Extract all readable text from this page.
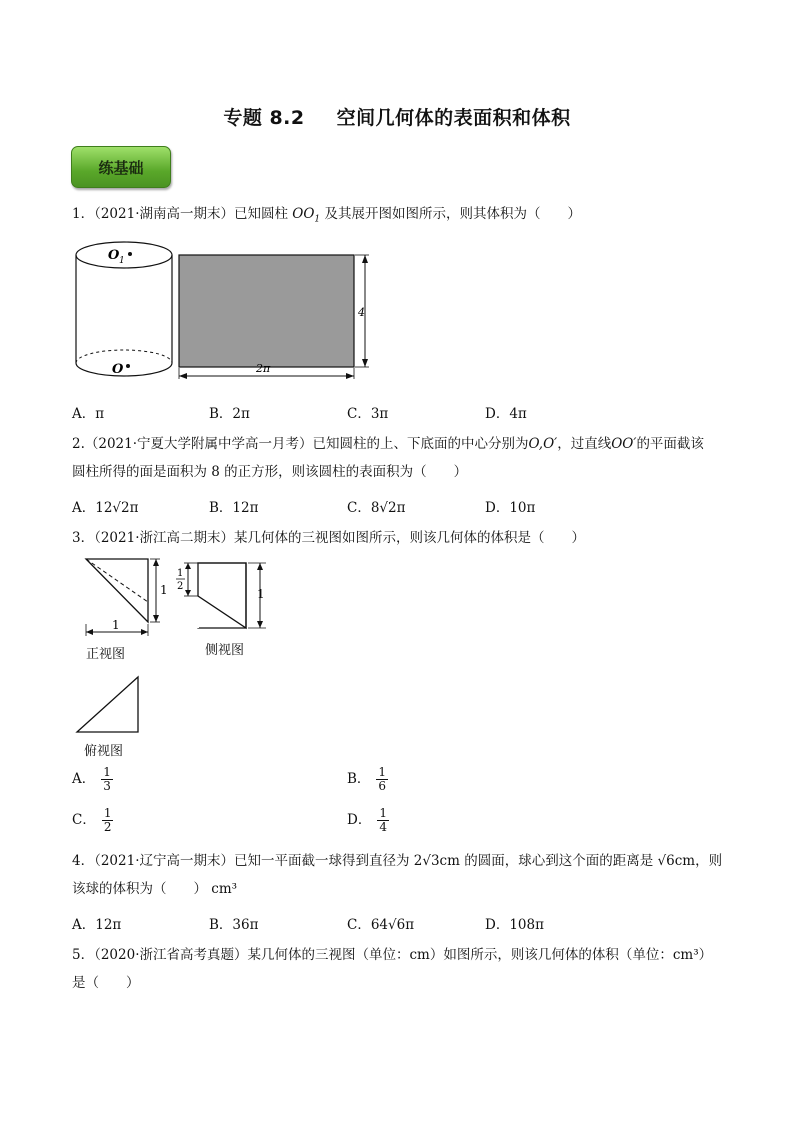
专题 8.2 空间几何体的表面积和体积
练基础
1．（2021·湖南高一期末）已知圆柱 $OO_1$ 及其展开图如图所示，则其体积为（　　）
O 1
O
4
2π
A．π	B．2π	C．3π	D．4π
2.（2021·宁夏大学附属中学高一月考）已知圆柱的上、下底面的中心分别为O,O′，过直线OO′的平面截该
圆柱所得的面是面积为 8 的正方形，则该圆柱的表面积为（　　）
A．12√2π	B．12π	C．8√2π	D．10π
3．（2021·浙江高二期末）某几何体的三视图如图所示，则该几何体的体积是（　　）
1
1
正视图
1
2
1
侧视图
俯视图
A． $\frac{1}{3}$	B． $\frac{1}{6}$
C． $\frac{1}{2}$	D． $\frac{1}{4}$
4．（2021·辽宁高一期末）已知一平面截一球得到直径为 2√3cm 的圆面，球心到这个面的距离是 √6cm，则
该球的体积为（　　） cm³
A．12π	B．36π	C．64√6π	D．108π
5．（2020·浙江省高考真题）某几何体的三视图（单位：cm）如图所示，则该几何体的体积（单位：cm³）
是（　　）
